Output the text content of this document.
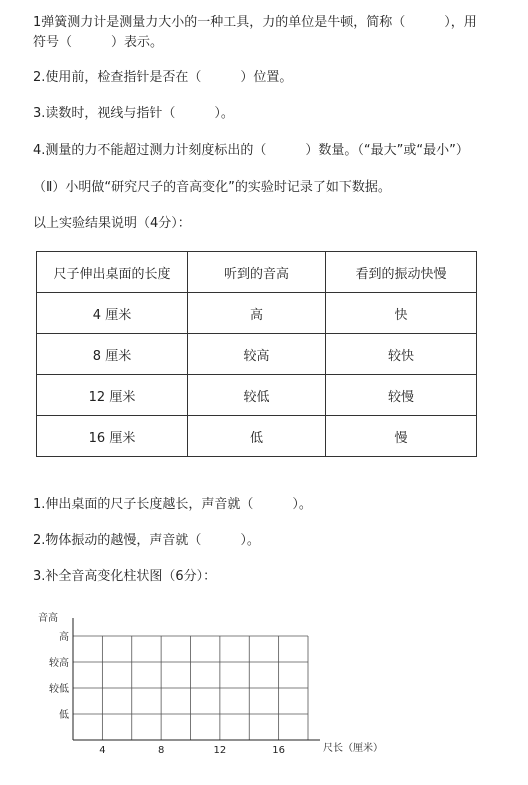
1弹簧测力计是测量力大小的一种工具，力的单位是牛顿，简称（　　　），用
符号（　　　）表示。
2.使用前，检查指针是否在（　　　）位置。
3.读数时，视线与指针（　　　）。
4.测量的力不能超过测力计刻度标出的（　　　）数量。（“最大”或“最小”）
（Ⅱ）小明做“研究尺子的音高变化”的实验时记录了如下数据。
以上实验结果说明（4分）：
尺子伸出桌面的长度	听到的音高	看到的振动快慢
4 厘米	高	快
8 厘米	较高	较快
12 厘米	较低	较慢
16 厘米	低	慢
1.伸出桌面的尺子长度越长，声音就（　　　）。
2.物体振动的越慢，声音就（　　　）。
3.补全音高变化柱状图（6分）：
音高
尺长（厘米）
高
较高
较低
低
4	8	12	16
